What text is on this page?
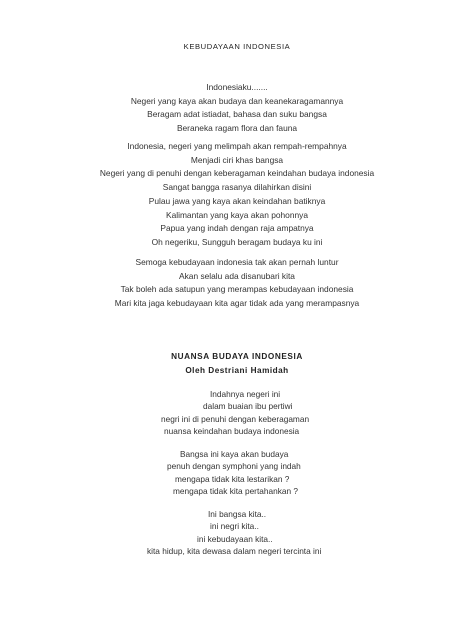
KEBUDAYAAN INDONESIA
Indonesiaku.......
Negeri yang kaya akan budaya dan keanekaragamannya
Beragam adat istiadat, bahasa dan suku bangsa
Beraneka ragam flora dan fauna
Indonesia, negeri yang melimpah akan rempah-rempahnya
Menjadi ciri khas bangsa
Negeri yang di penuhi dengan keberagaman keindahan budaya indonesia
Sangat bangga rasanya dilahirkan disini
Pulau jawa yang kaya akan keindahan batiknya
Kalimantan yang kaya akan pohonnya
Papua yang indah dengan raja ampatnya
Oh negeriku, Sungguh beragam budaya ku ini
Semoga kebudayaan indonesia tak akan pernah luntur
Akan selalu ada disanubari kita
Tak boleh ada satupun yang merampas kebudayaan indonesia
Mari kita jaga kebudayaan kita agar tidak ada yang merampasnya
NUANSA BUDAYA INDONESIA
Oleh Destriani Hamidah
Indahnya negeri ini
dalam buaian ibu pertiwi
negri ini di penuhi dengan keberagaman
nuansa keindahan budaya indonesia
Bangsa ini kaya akan budaya
penuh dengan symphoni yang indah
mengapa tidak kita lestarikan ?
mengapa tidak kita pertahankan ?
Ini bangsa kita..
ini negri kita..
ini kebudayaan kita..
kita hidup, kita dewasa dalam negeri tercinta ini
